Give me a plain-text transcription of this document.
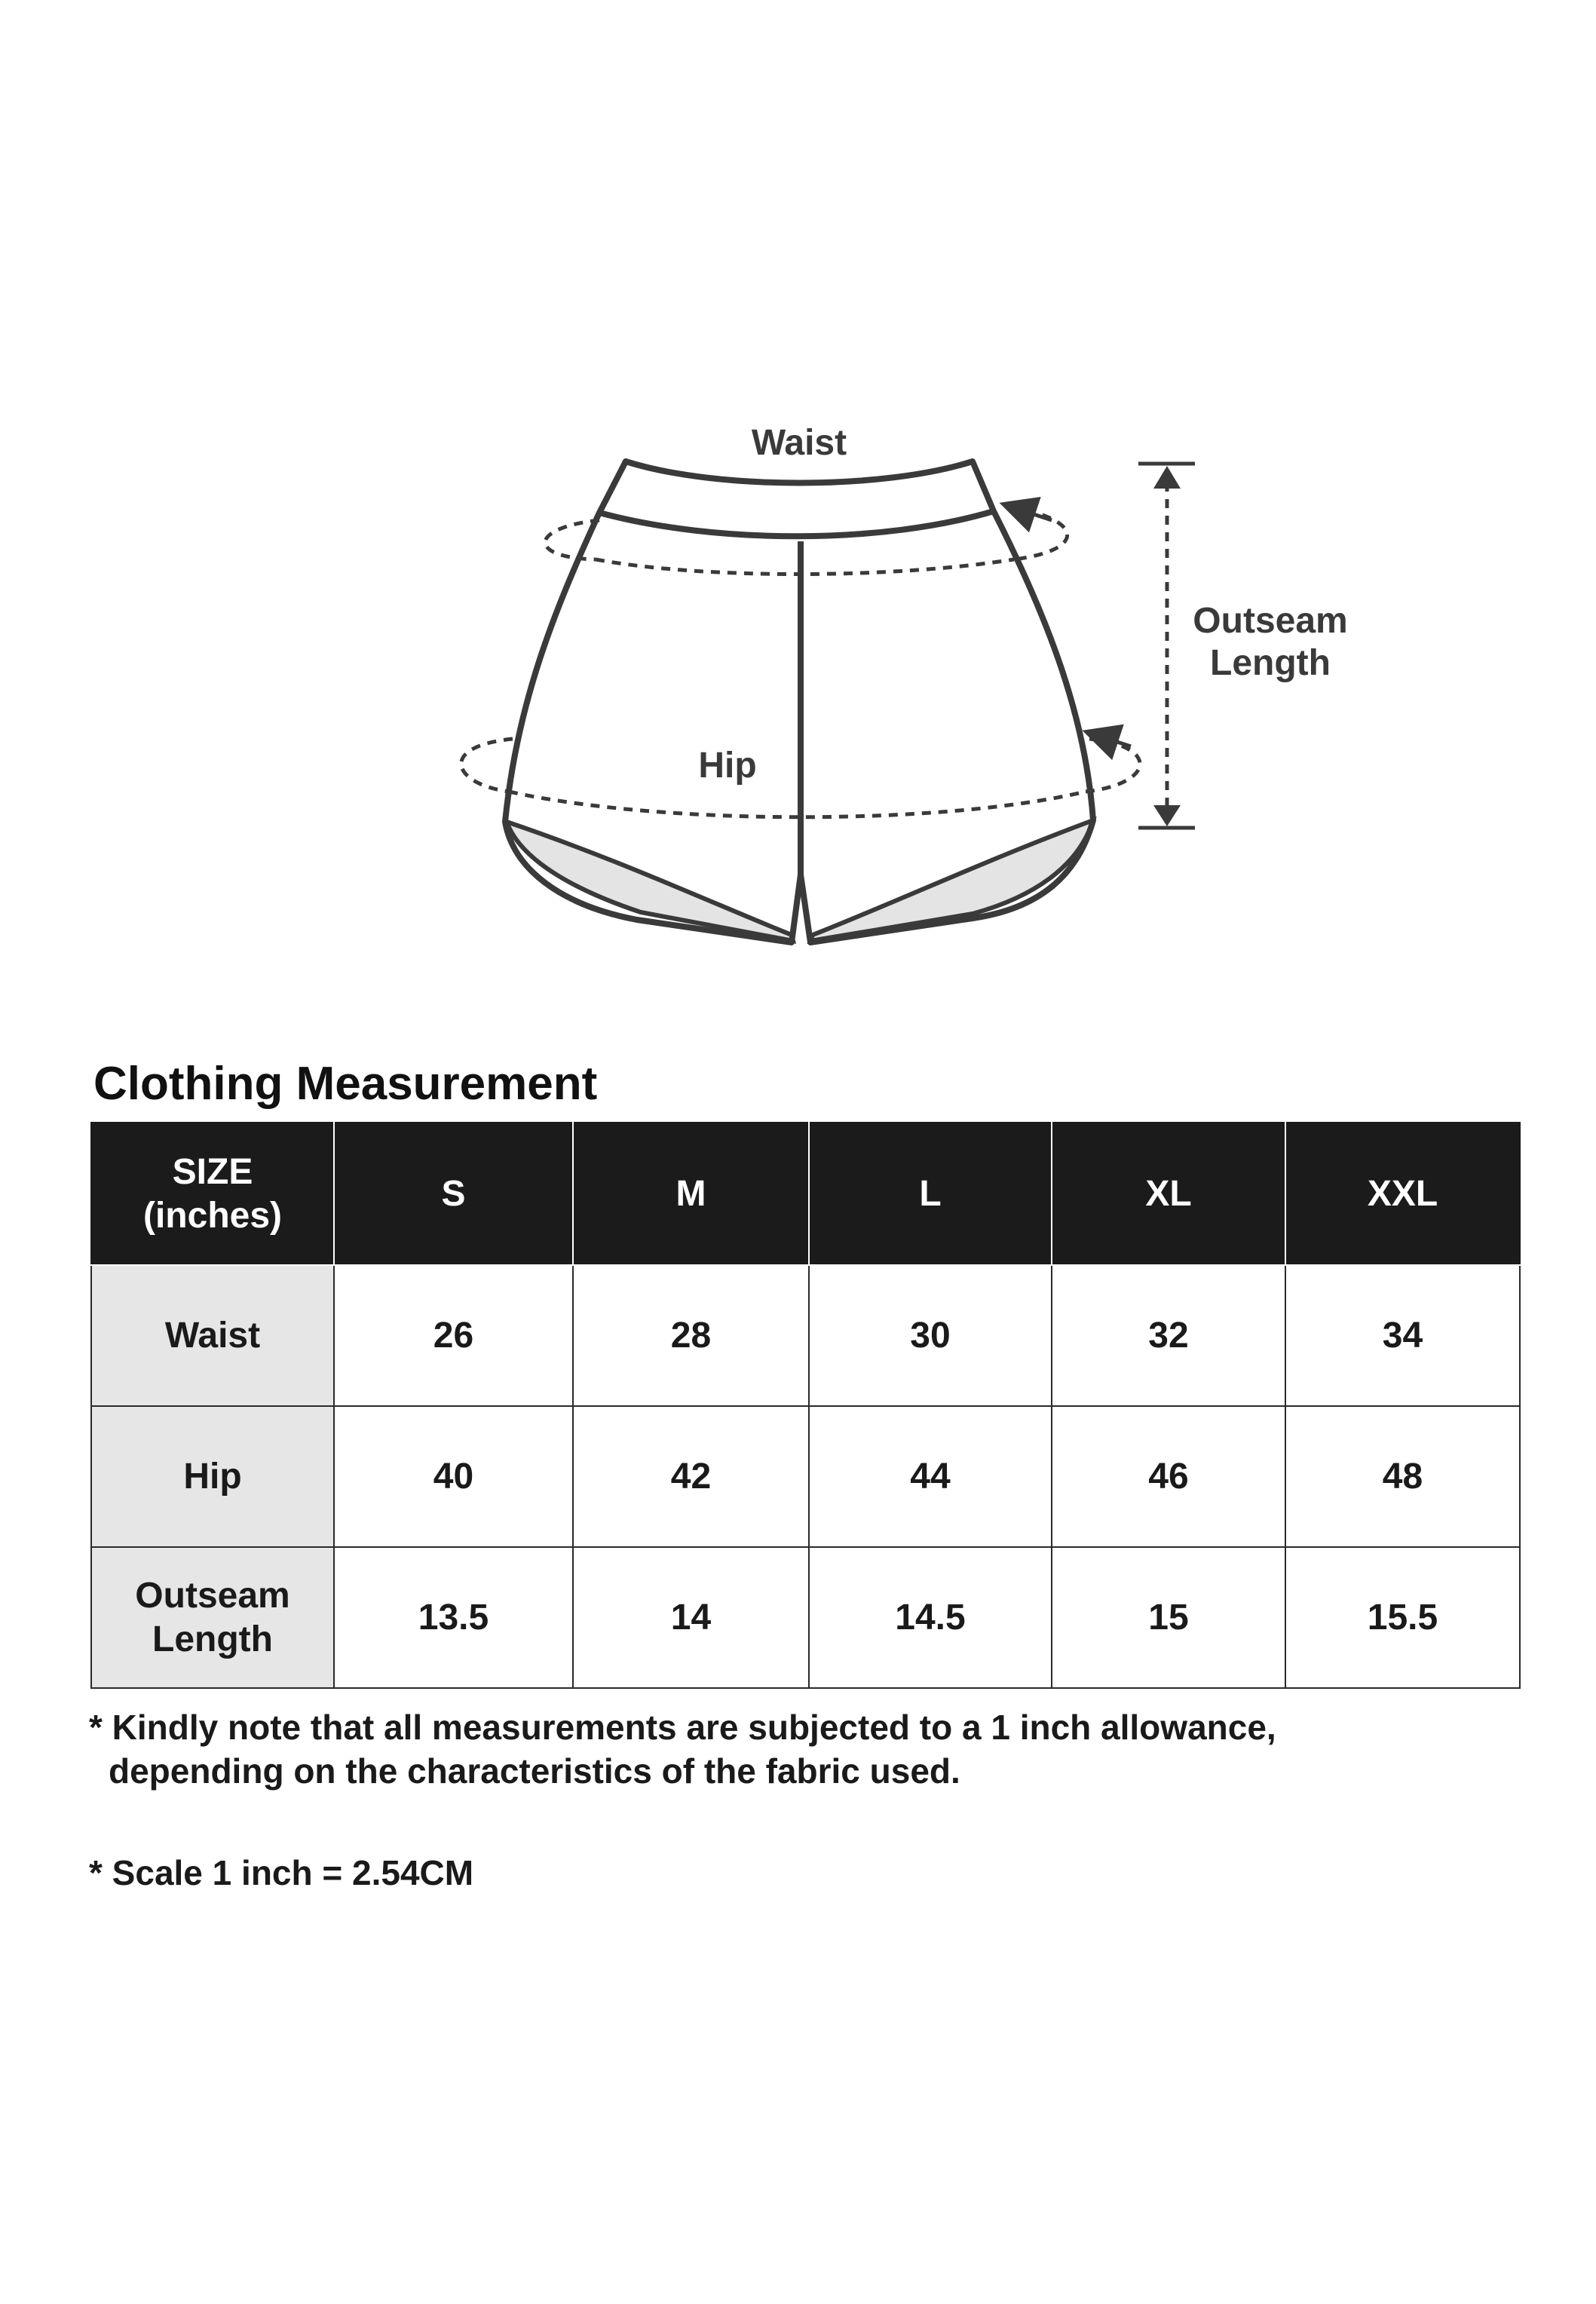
Waist
Hip
Outseam
Length
Clothing Measurement
SIZE
(inches)	S	M	L	XL	XXL

Waist	26	28	30	32	34

Hip	40	42	44	46	48

Outseam
Length	13.5	14	14.5	15	15.5
* Kindly note that all measurements are subjected to a 1 inch allowance,
depending on the characteristics of the fabric used.
* Scale 1 inch = 2.54CM
